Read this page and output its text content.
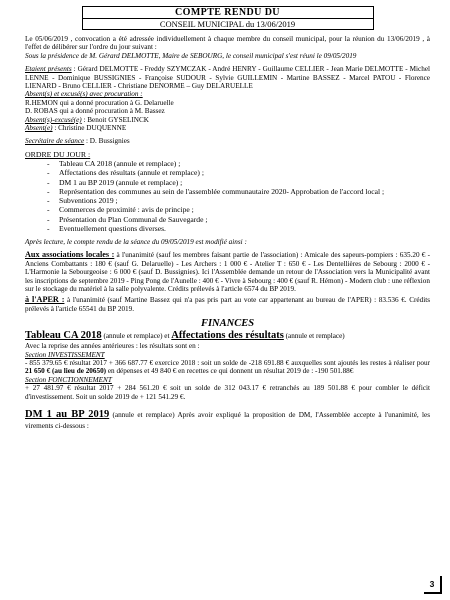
COMPTE RENDU DU
CONSEIL MUNICIPAL du 13/06/2019

Le 05/06/2019 , convocation a été adressée individuellement à chaque membre du conseil municipal, pour la réunion du 13/06/2019 , à l'effet de délibérer sur l'ordre du jour suivant :

Sous la présidence de M. Gérard DELMOTTE, Maire de SEBOURG, le conseil municipal s'est réuni le 09/05/2019

Etaient présents : Gérard DELMOTTE - Freddy SZYMCZAK - André HENRY - Guillaume CELLIER - Jean Marie DELMOTTE - Michel LENNE - Dominique BUSSIGNIES - Françoise SUDOUR - Sylvie GUILLEMIN - Martine BASSEZ - Marcel PATOU - Florence LIENARD - Bruno CELLIER - Christiane DENORME – Guy DELARUELLE

Absent(s) et excusé(s) avec procuration :

R.HEMON qui a donné procuration à G. Delaruelle

D. ROBAS qui a donné procuration à M. Bassez

Absent(s)-excusé(e) : Benoit GYSELINCK

Absent(e) : Christine DUQUENNE

Secrétaire de séance : D. Bussignies

ORDRE DU JOUR :

- Tableau CA 2018 (annule et remplace) ;
- Affectations des résultats (annule et remplace) ;
- DM 1 au BP 2019 (annule et remplace) ;
- Représentation des communes au sein de l'assemblée communautaire 2020- Approbation de l'accord local ;
- Subventions 2019 ;
- Commerces de proximité : avis de principe ;
- Présentation du Plan Communal de Sauvegarde ;
- Eventuellement questions diverses.

Après lecture, le compte rendu de la séance du 09/05/2019 est modifié ainsi :

Aux associations locales : à l'unanimité (sauf les membres faisant partie de l'association) : Amicale des sapeurs-pompiers : 635.20 € - Anciens Combattants : 180 € (sauf G. Delaruelle) - Les Archers : 1 000 € - Atelier T : 650 € - Les Dentellières de Sebourg : 2000 € - L'Harmonie la Sebourgeoise : 6 000 € (sauf D. Bussignies). Ici l'Assemblée demande un retour de l'Association vers la Municipalité avant les inscriptions de septembre 2019 - Ping Pong de l'Aunelle : 400 € - Vivre à Sebourg : 400 € (sauf R. Hémon) - Modern club : une réflexion sur le stockage du matériel à la salle polyvalente. Crédits prélevés à l'article 6574 du BP 2019.

à l'APER : à l'unanimité (sauf Martine Bassez qui n'a pas pris part au vote car appartenant au bureau de l'APER) : 83.536 €. Crédits prélevés à l'article 65541 du BP 2019.

FINANCES

Tableau CA 2018 (annule et remplace) et Affectations des résultats (annule et remplace)

Avec la reprise des années antérieures : les résultats sont en :

Section INVESTISSEMENT

- 855 379.65 € résultat 2017 + 366 687.77 € exercice 2018 : soit un solde de -218 691.88 € auxquelles sont ajoutés les restes à réaliser pour 21 650 € (au lieu de 20650) en dépenses et 49 840 € en recettes ce qui donnent un résultat 2019 de : -190 501.88€

Section FONCTIONNEMENT

+ 27 481.97 € résultat 2017 + 284 561.20 € soit un solde de 312 043.17 € retranchés au 189 501.88 € pour combler le déficit d'investissement. Soit un solde 2019 de + 121 541.29 €.

DM 1 au BP 2019 (annule et remplace) Après avoir expliqué la proposition de DM, l'Assemblée accepte à l'unanimité, les virements ci-dessous :

3
